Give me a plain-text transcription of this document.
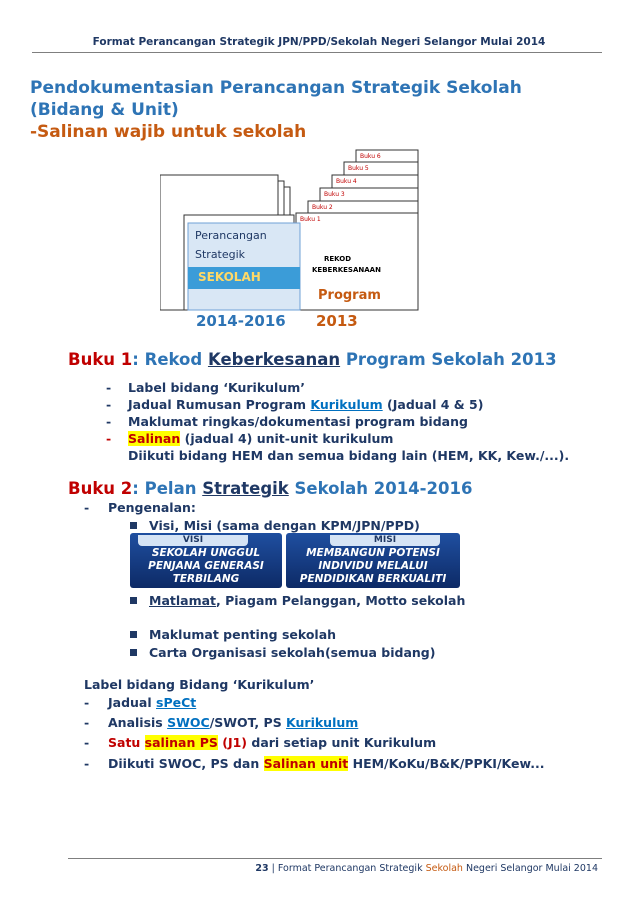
Format Perancangan Strategik JPN/PPD/Sekolah Negeri Selangor Mulai 2014
Pendokumentasian Perancangan Strategik Sekolah
(Bidang & Unit)
-Salinan wajib untuk sekolah
Perancangan
Strategik
SEKOLAH
Buku 6
Buku 5
Buku 4
Buku 3
Buku 2
Buku 1
REKOD
KEBERKESANAAN
Program
2014-2016 2013
Buku 1: Rekod Keberkesanan Program Sekolah 2013
- Label bidang ‘Kurikulum’
- Jadual Rumusan Program Kurikulum (Jadual 4 & 5)
- Maklumat ringkas/dokumentasi program bidang
- Salinan (jadual 4) unit-unit kurikulum
Diikuti bidang HEM dan semua bidang lain (HEM, KK, Kew./...).
Buku 2: Pelan Strategik Sekolah 2014-2016
- Pengenalan:
Visi, Misi (sama dengan KPM/JPN/PPD)
VISI
SEKOLAH UNGGUL
PENJANA GENERASI
TERBILANG
MISI
MEMBANGUN POTENSI
INDIVIDU MELALUI
PENDIDIKAN BERKUALITI
Matlamat, Piagam Pelanggan, Motto sekolah
Maklumat penting sekolah
Carta Organisasi sekolah(semua bidang)
Label bidang Bidang ‘Kurikulum’
- Jadual sPeCt
- Analisis SWOC/SWOT, PS Kurikulum
- Satu salinan PS (J1) dari setiap unit Kurikulum
- Diikuti SWOC, PS dan Salinan unit HEM/KoKu/B&K/PPKI/Kew...
23 | Format Perancangan Strategik Sekolah Negeri Selangor Mulai 2014
